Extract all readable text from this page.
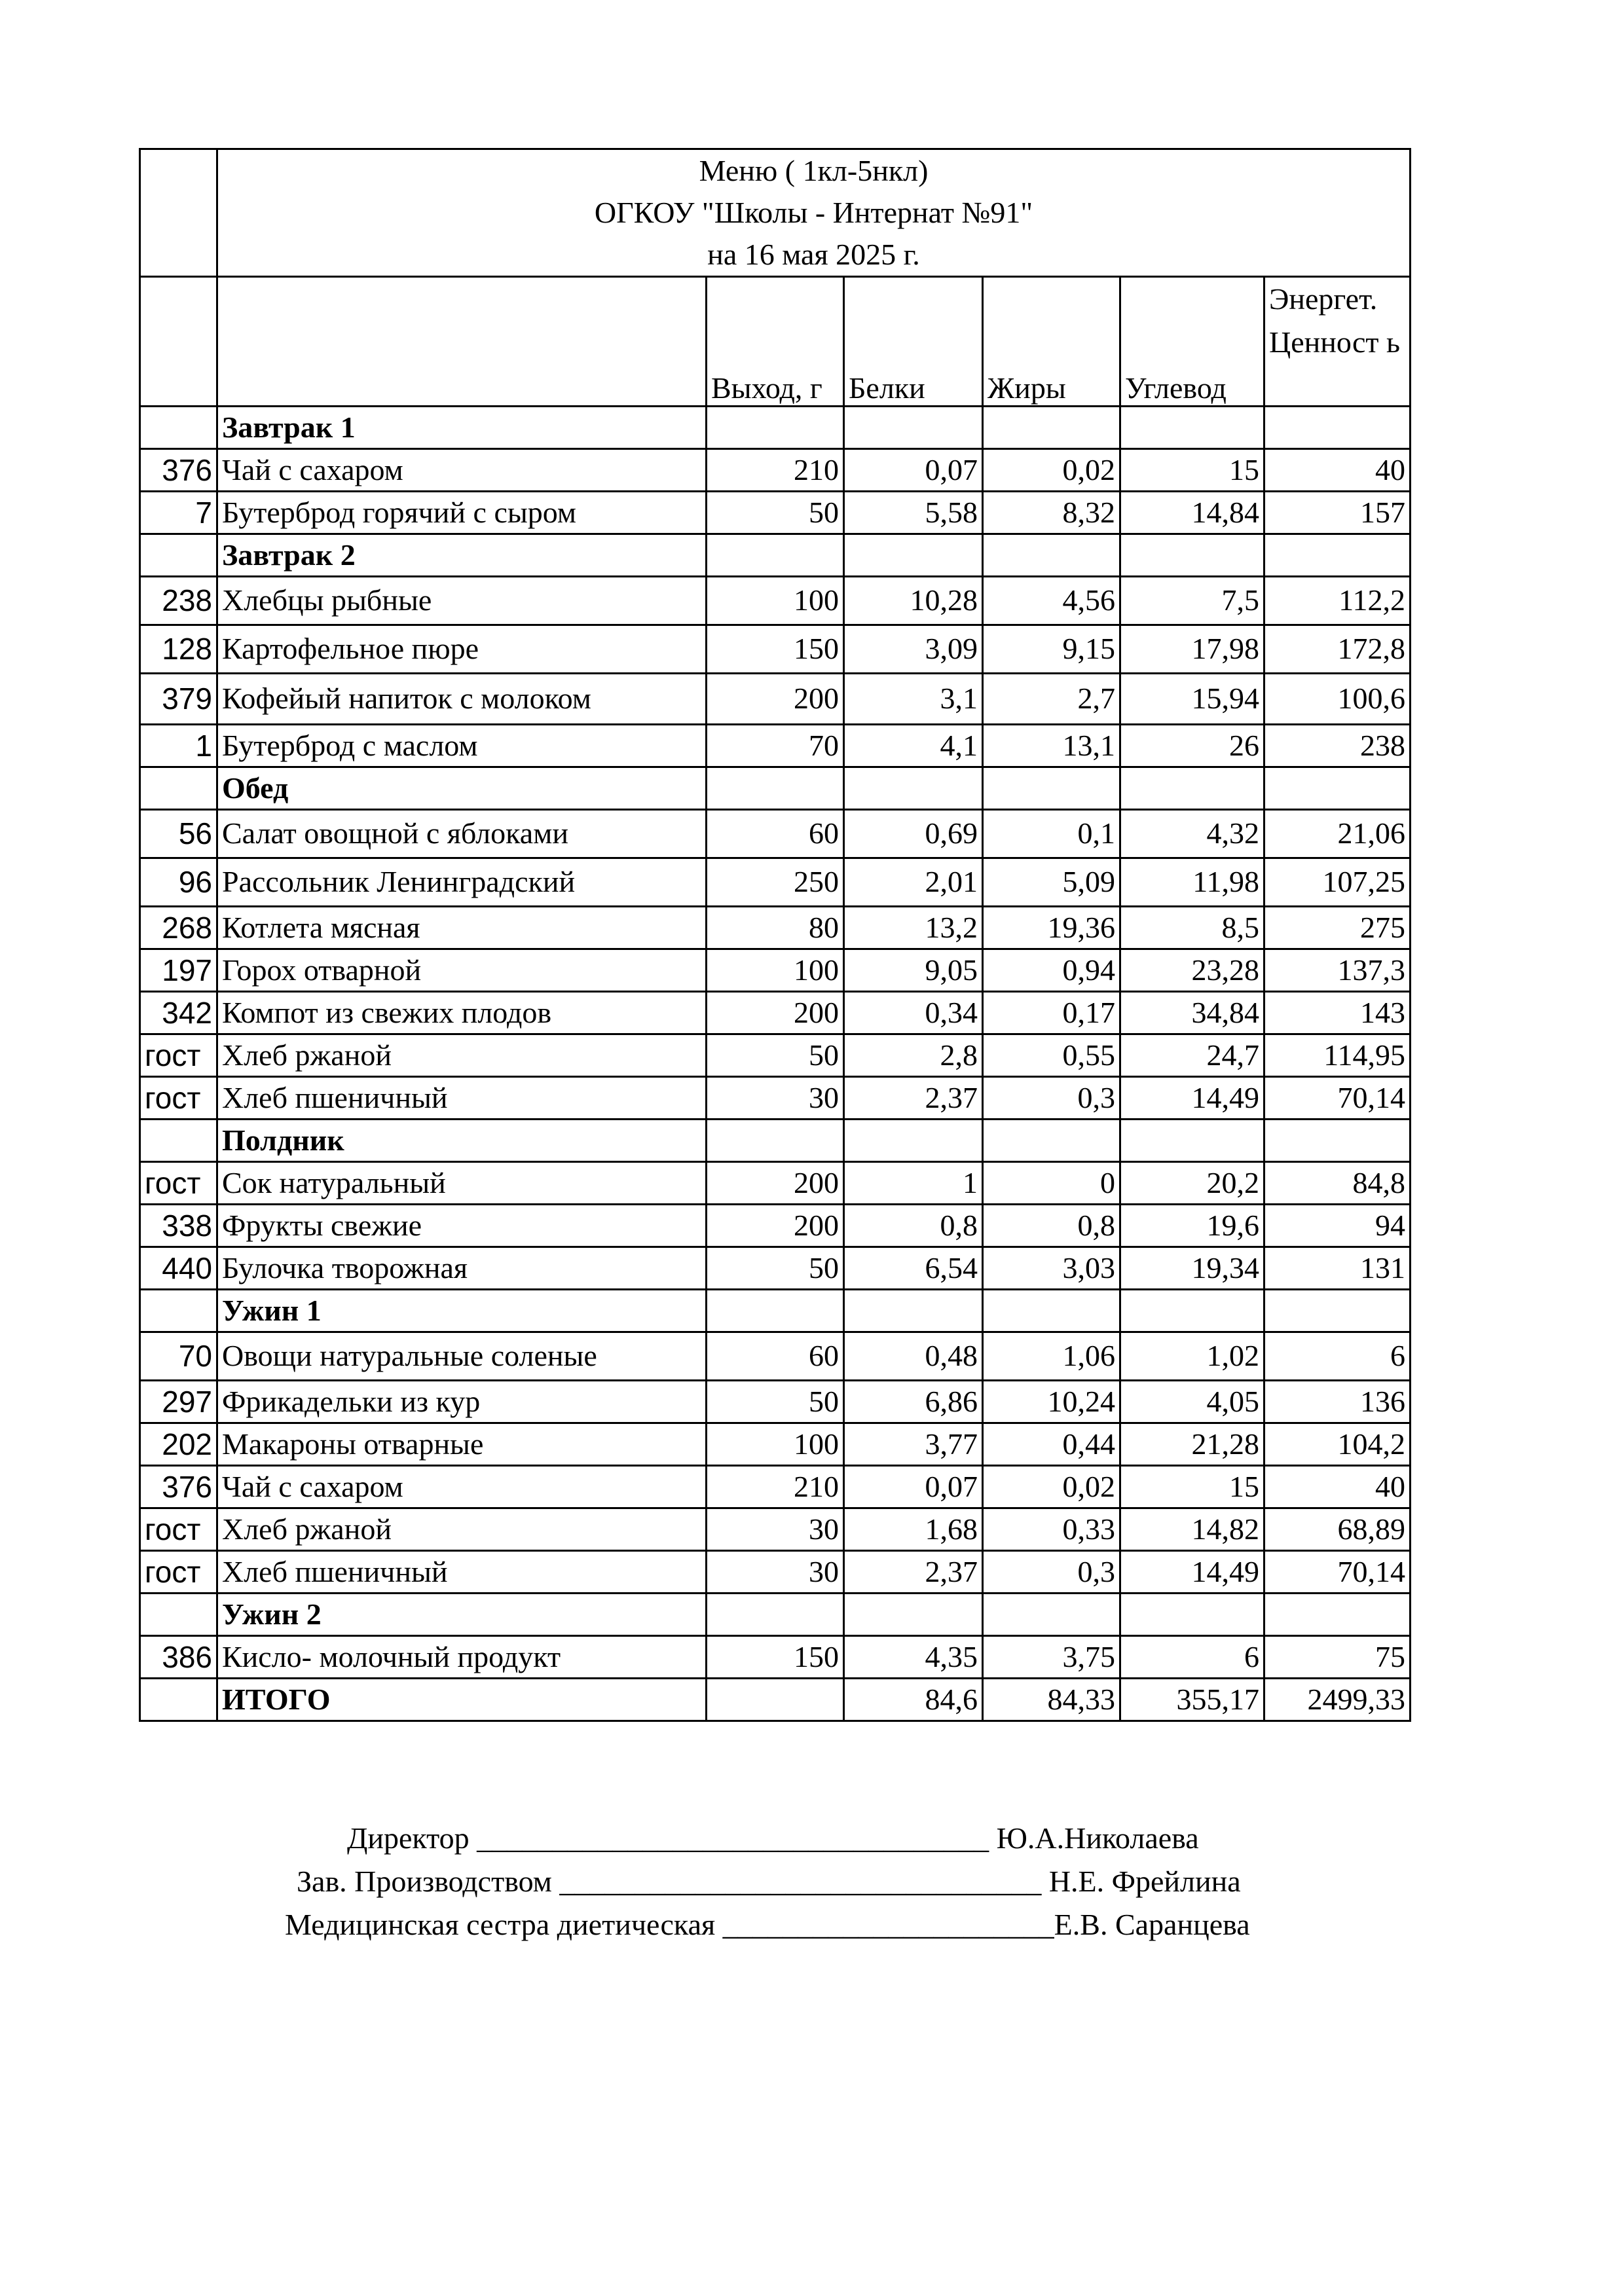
	Меню ( 1кл-5нкл)
ОГКОУ "Школы - Интернат №91"
на 16 мая 2025 г.					

		Выход, г	Белки	Жиры	Углевод	Энергет. Ценност ь
	Завтрак 1					
376	Чай с сахаром	210	0,07	0,02	15	40
7	Бутерброд горячий с сыром	50	5,58	8,32	14,84	157
	Завтрак 2					
238	Хлебцы рыбные	100	10,28	4,56	7,5	112,2
128	Картофельное пюре	150	3,09	9,15	17,98	172,8
379	Кофейый напиток с молоком	200	3,1	2,7	15,94	100,6
1	Бутерброд с маслом	70	4,1	13,1	26	238
	Обед					
56	Салат овощной с яблоками	60	0,69	0,1	4,32	21,06
96	Рассольник Ленинградский	250	2,01	5,09	11,98	107,25
268	Котлета мясная	80	13,2	19,36	8,5	275
197	Горох отварной	100	9,05	0,94	23,28	137,3
342	Компот из свежих плодов	200	0,34	0,17	34,84	143
гост	Хлеб ржаной	50	2,8	0,55	24,7	114,95
гост	Хлеб пшеничный	30	2,37	0,3	14,49	70,14
	Полдник					
гост	Сок натуральный	200	1	0	20,2	84,8
338	Фрукты свежие	200	0,8	0,8	19,6	94
440	Булочка творожная	50	6,54	3,03	19,34	131
	Ужин 1					
70	Овощи натуральные соленые	60	0,48	1,06	1,02	6
297	Фрикадельки из кур	50	6,86	10,24	4,05	136
202	Макароны отварные	100	3,77	0,44	21,28	104,2
376	Чай с сахаром	210	0,07	0,02	15	40
гост	Хлеб ржаной	30	1,68	0,33	14,82	68,89
гост	Хлеб пшеничный	30	2,37	0,3	14,49	70,14
	Ужин 2					
386	Кисло- молочный продукт	150	4,35	3,75	6	75
	ИТОГО		84,6	84,33	355,17	2499,33
Директор __________________________________ Ю.А.Николаева
Зав. Производством ________________________________ Н.Е. Фрейлина
Медицинская сестра диетическая ______________________Е.В. Саранцева
